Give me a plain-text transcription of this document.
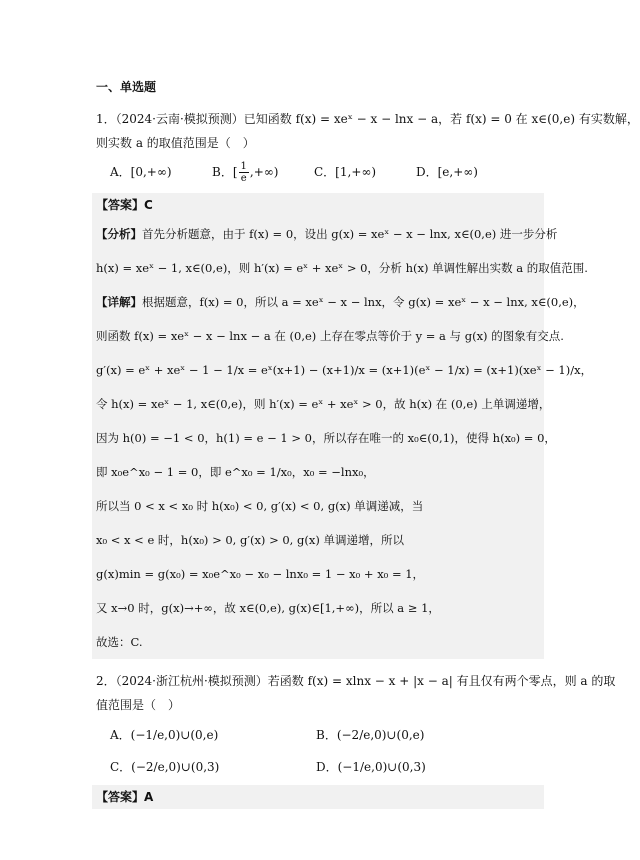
一、单选题
1．（2024·云南·模拟预测）已知函数 f(x) = xeˣ − x − lnx − a，若 f(x) = 0 在 x∈(0,e) 有实数解，
则实数 a 的取值范围是（　）
A．[0,+∞)	B．[ $\frac{1}{e}$ ,+∞)	C．[1,+∞)	D．[e,+∞)
【答案】C
【分析】首先分析题意，由于 f(x) = 0，设出 g(x) = xeˣ − x − lnx, x∈(0,e) 进一步分析
h(x) = xeˣ − 1, x∈(0,e)，则 h′(x) = eˣ + xeˣ > 0，分析 h(x) 单调性解出实数 a 的取值范围.
【详解】根据题意，f(x) = 0，所以 a = xeˣ − x − lnx，令 g(x) = xeˣ − x − lnx, x∈(0,e)，
则函数 f(x) = xeˣ − x − lnx − a 在 (0,e) 上存在零点等价于 y = a 与 g(x) 的图象有交点.
g′(x) = eˣ + xeˣ − 1 − 1/x = eˣ(x+1) − (x+1)/x = (x+1)(eˣ − 1/x) = (x+1)(xeˣ − 1)/x，
令 h(x) = xeˣ − 1, x∈(0,e)，则 h′(x) = eˣ + xeˣ > 0，故 h(x) 在 (0,e) 上单调递增，
因为 h(0) = −1 < 0，h(1) = e − 1 > 0，所以存在唯一的 x₀∈(0,1)，使得 h(x₀) = 0，
即 x₀e^x₀ − 1 = 0，即 e^x₀ = 1/x₀，x₀ = −lnx₀，
所以当 0 < x < x₀ 时 h(x₀) < 0, g′(x) < 0, g(x) 单调递减，当
x₀ < x < e 时，h(x₀) > 0, g′(x) > 0, g(x) 单调递增，所以
g(x)min = g(x₀) = x₀e^x₀ − x₀ − lnx₀ = 1 − x₀ + x₀ = 1，
又 x→0 时，g(x)→+∞，故 x∈(0,e), g(x)∈[1,+∞)，所以 a ≥ 1，
故选：C.
2．（2024·浙江杭州·模拟预测）若函数 f(x) = xlnx − x + |x − a| 有且仅有两个零点，则 a 的取
值范围是（　）
A．(−1/e,0)∪(0,e)	B．(−2/e,0)∪(0,e)
C．(−2/e,0)∪(0,3)	D．(−1/e,0)∪(0,3)
【答案】A
